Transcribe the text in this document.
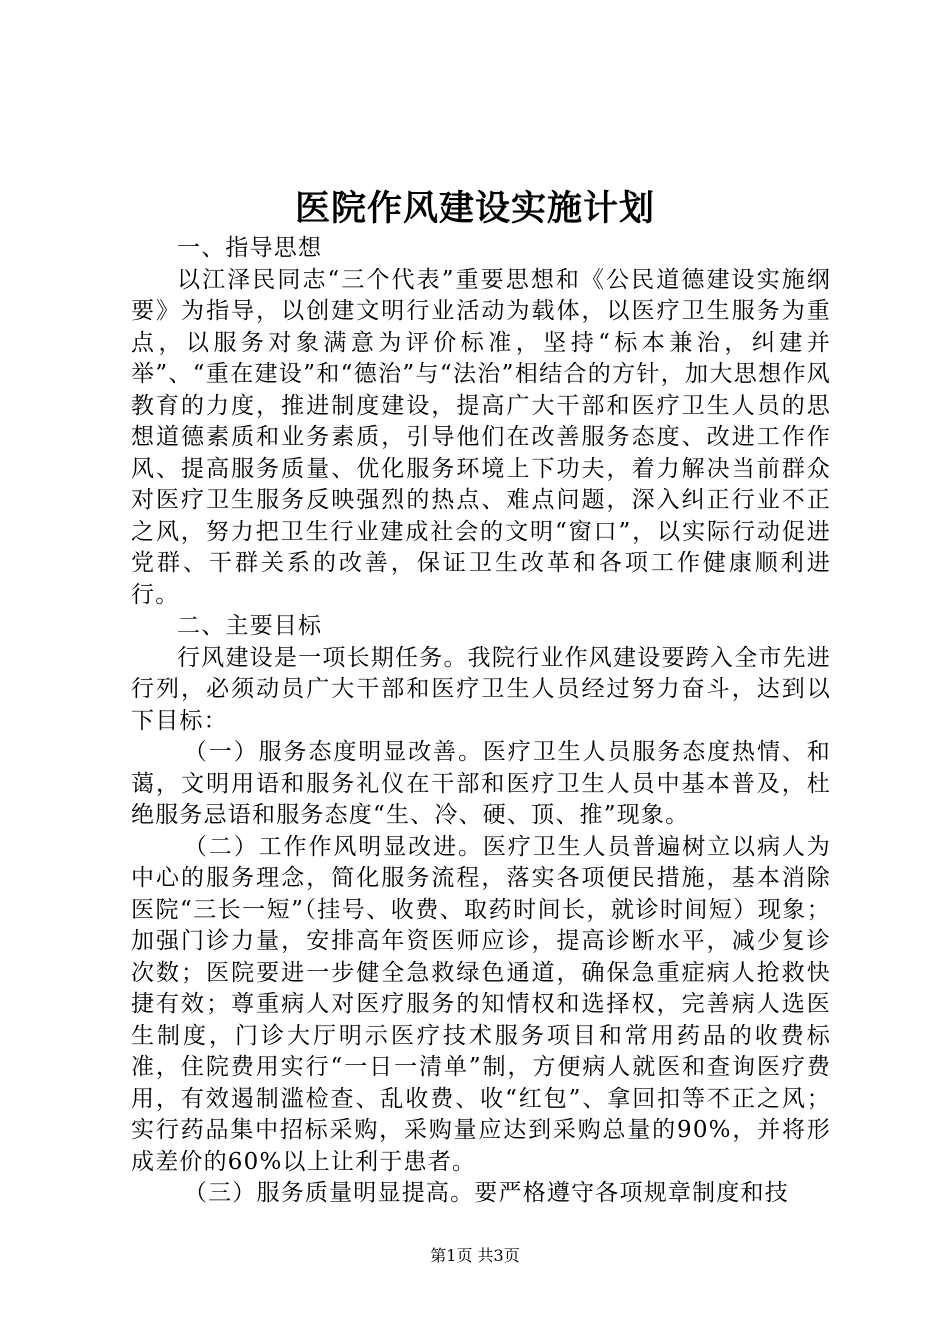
医院作风建设实施计划

一、指导思想

以江泽民同志“三个代表”重要思想和《公民道德建设实施纲要》为指导，以创建文明行业活动为载体，以医疗卫生服务为重点，以服务对象满意为评价标准，坚持“标本兼治，纠建并举”、“重在建设”和“德治”与“法治”相结合的方针，加大思想作风教育的力度，推进制度建设，提高广大干部和医疗卫生人员的思想道德素质和业务素质，引导他们在改善服务态度、改进工作作风、提高服务质量、优化服务环境上下功夫，着力解决当前群众对医疗卫生服务反映强烈的热点、难点问题，深入纠正行业不正之风，努力把卫生行业建成社会的文明“窗口”，以实际行动促进党群、干群关系的改善，保证卫生改革和各项工作健康顺利进行。

二、主要目标

行风建设是一项长期任务。我院行业作风建设要跨入全市先进行列，必须动员广大干部和医疗卫生人员经过努力奋斗，达到以下目标：

（一）服务态度明显改善。医疗卫生人员服务态度热情、和蔼，文明用语和服务礼仪在干部和医疗卫生人员中基本普及，杜绝服务忌语和服务态度“生、冷、硬、顶、推”现象。

（二）工作作风明显改进。医疗卫生人员普遍树立以病人为中心的服务理念，简化服务流程，落实各项便民措施，基本消除医院“三长一短”（挂号、收费、取药时间长，就诊时间短）现象；加强门诊力量，安排高年资医师应诊，提高诊断水平，减少复诊次数；医院要进一步健全急救绿色通道，确保急重症病人抢救快捷有效；尊重病人对医疗服务的知情权和选择权，完善病人选医生制度，门诊大厅明示医疗技术服务项目和常用药品的收费标准，住院费用实行“一日一清单”制，方便病人就医和查询医疗费用，有效遏制滥检查、乱收费、收“红包”、拿回扣等不正之风；实行药品集中招标采购，采购量应达到采购总量的90%，并将形成差价的60%以上让利于患者。

（三）服务质量明显提高。要严格遵守各项规章制度和技

第1页 共3页
